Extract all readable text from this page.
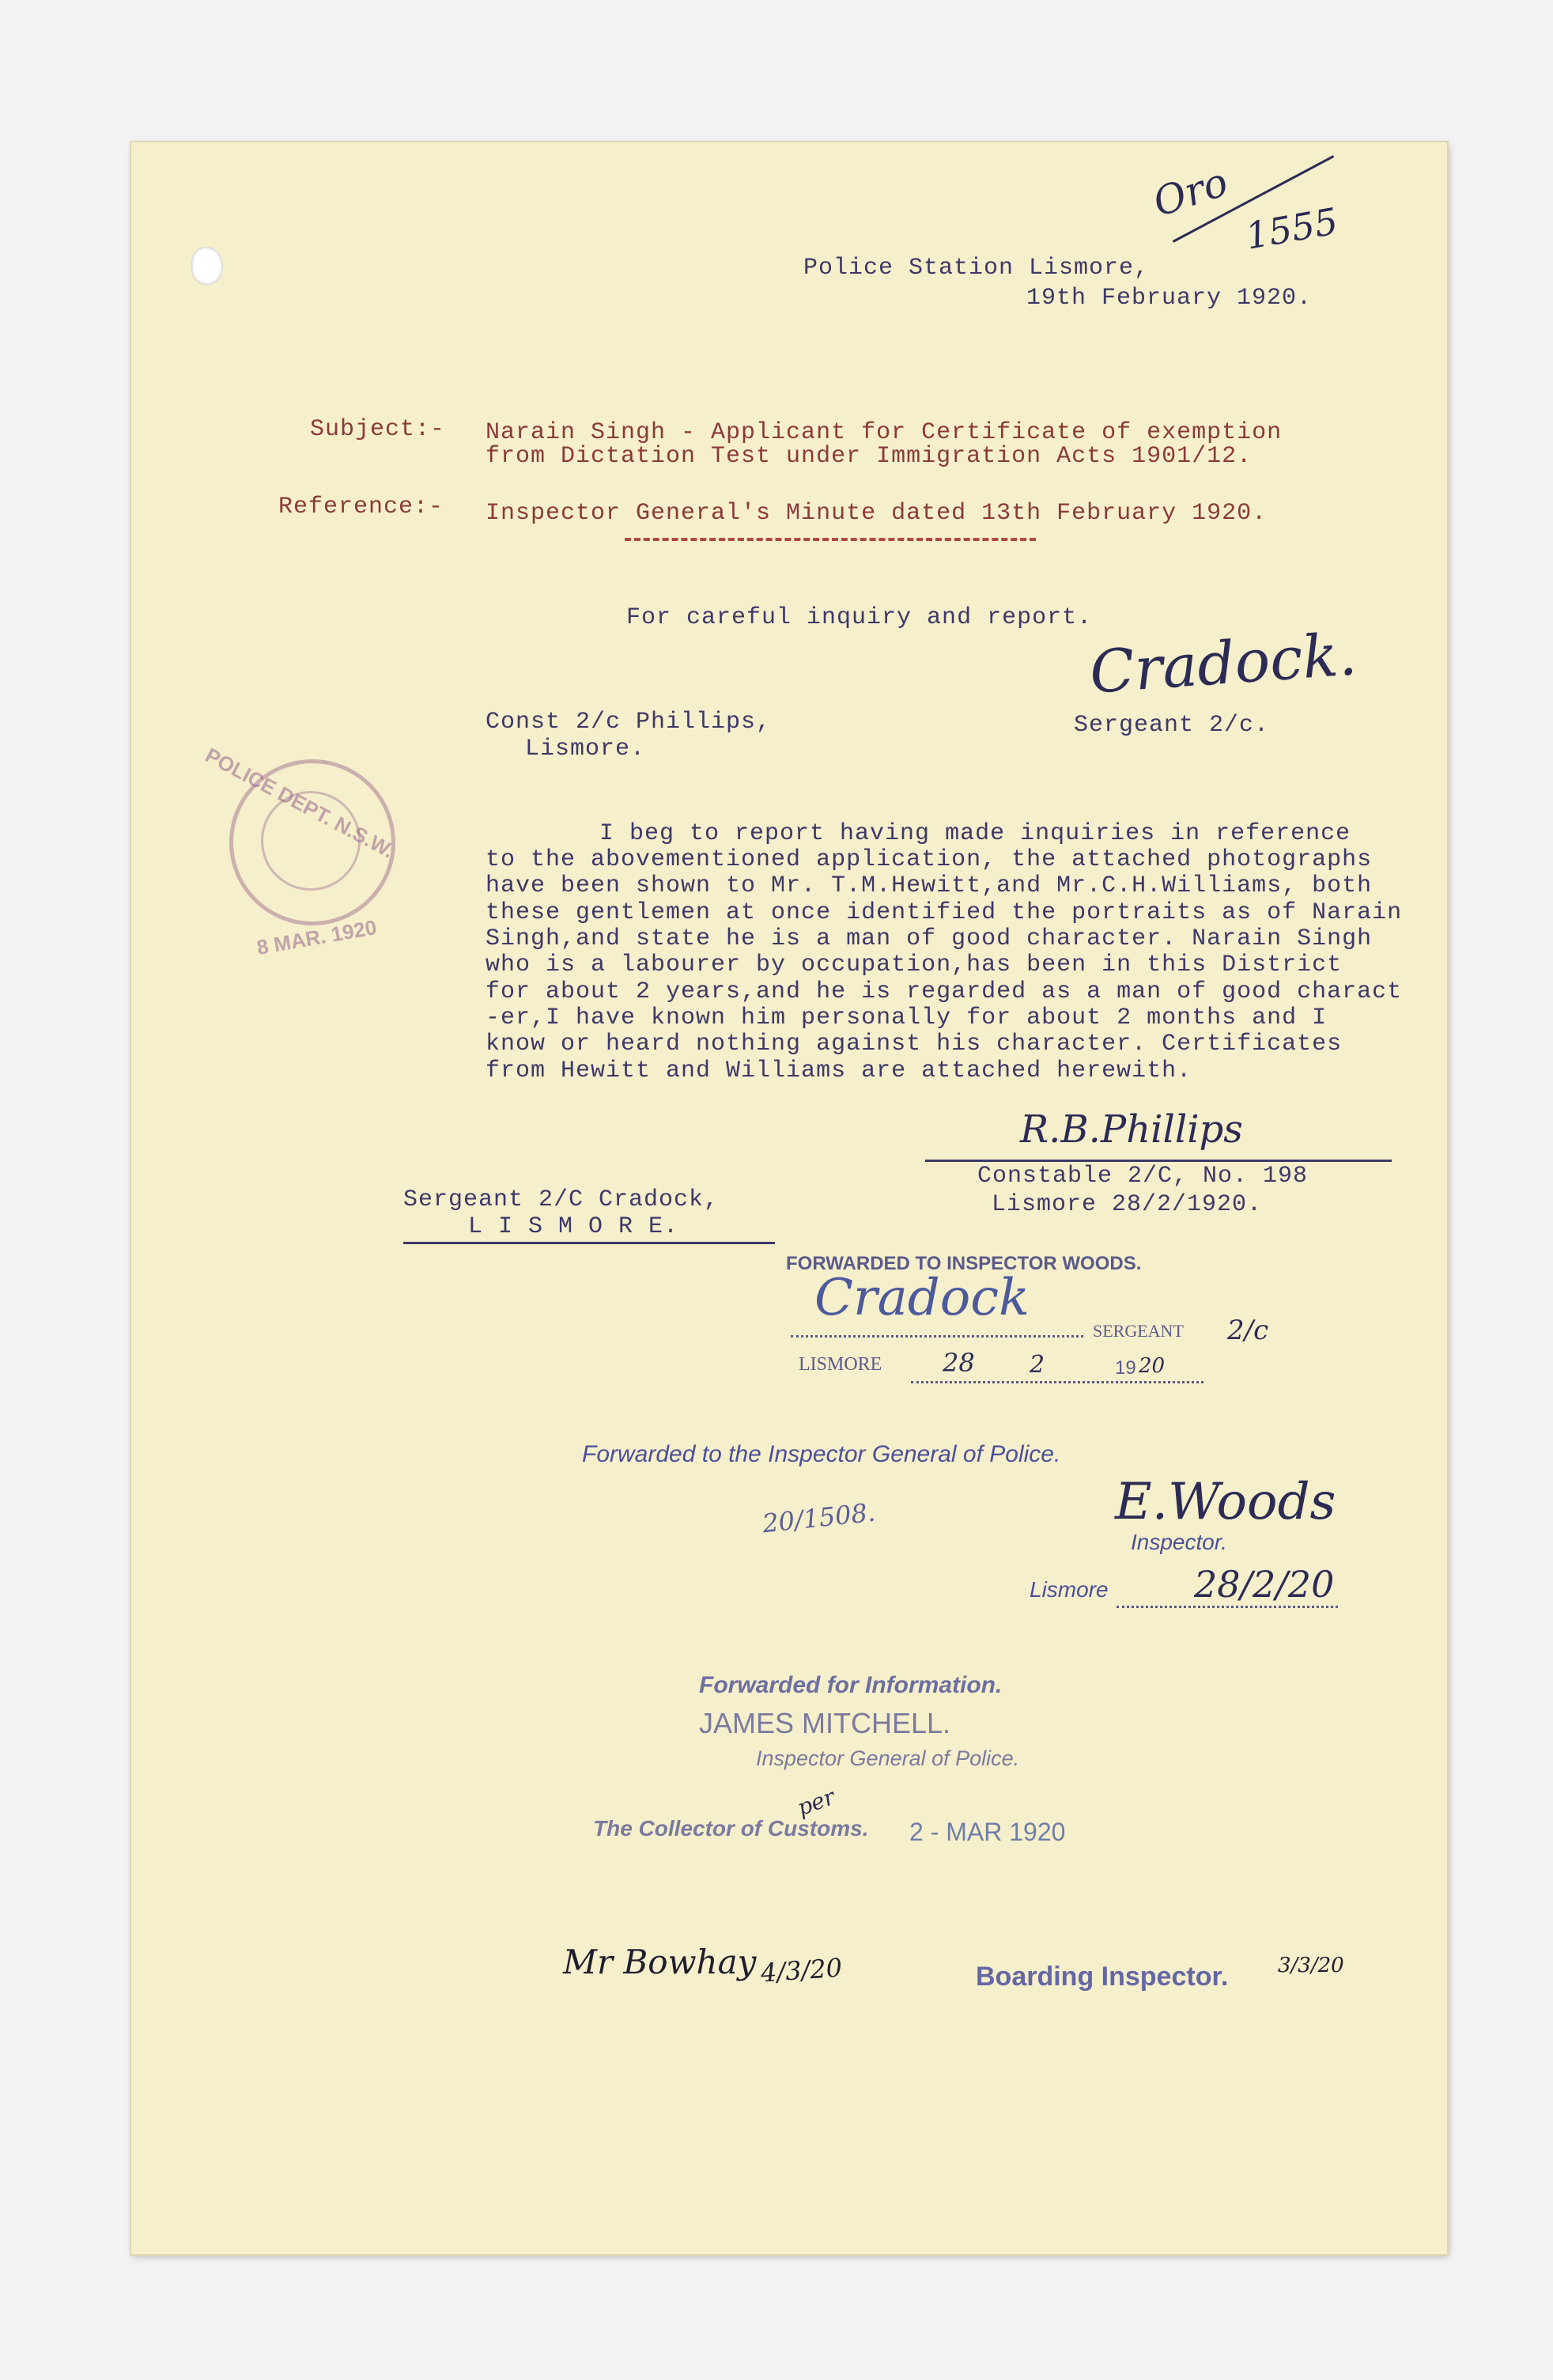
Oro
1555
Police Station Lismore,
19th February 1920.
Subject:- Narain Singh - Applicant for Certificate of exemption
from Dictation Test under Immigration Acts 1901/12.
Reference:- Inspector General's Minute dated 13th February 1920.
For careful inquiry and report.
Cradock.
Const 2/c Phillips,
Lismore.
Sergeant 2/c.
POLICE DEPT. N.S.W.
8 MAR. 1920
I beg to report having made inquiries in reference
to the abovementioned application, the attached photographs
have been shown to Mr. T.M.Hewitt,and Mr.C.H.Williams, both
these gentlemen at once identified the portraits as of Narain
Singh,and state he is a man of good character. Narain Singh
who is a labourer by occupation,has been in this District
for about 2 years,and he is regarded as a man of good charact
-er,I have known him personally for about 2 months and I
know or heard nothing against his character. Certificates
from Hewitt and Williams are attached herewith.
R.B.Phillips
Constable 2/C, No. 198
Lismore 28/2/1920.
Sergeant 2/C Cradock,
L I S M O R E.
FORWARDED TO INSPECTOR WOODS.
Cradock
SERGEANT 2/c
LISMORE 28 2	19 20
Forwarded to the Inspector General of Police.
20/1508.	E.Woods
Inspector.
Lismore 28/2/20
Forwarded for Information.
JAMES MITCHELL.
Inspector General of Police.
The Collector of Customs.
per
2 - MAR 1920
Mr Bowhay 4/3/20	Boarding Inspector. 3/3/20
